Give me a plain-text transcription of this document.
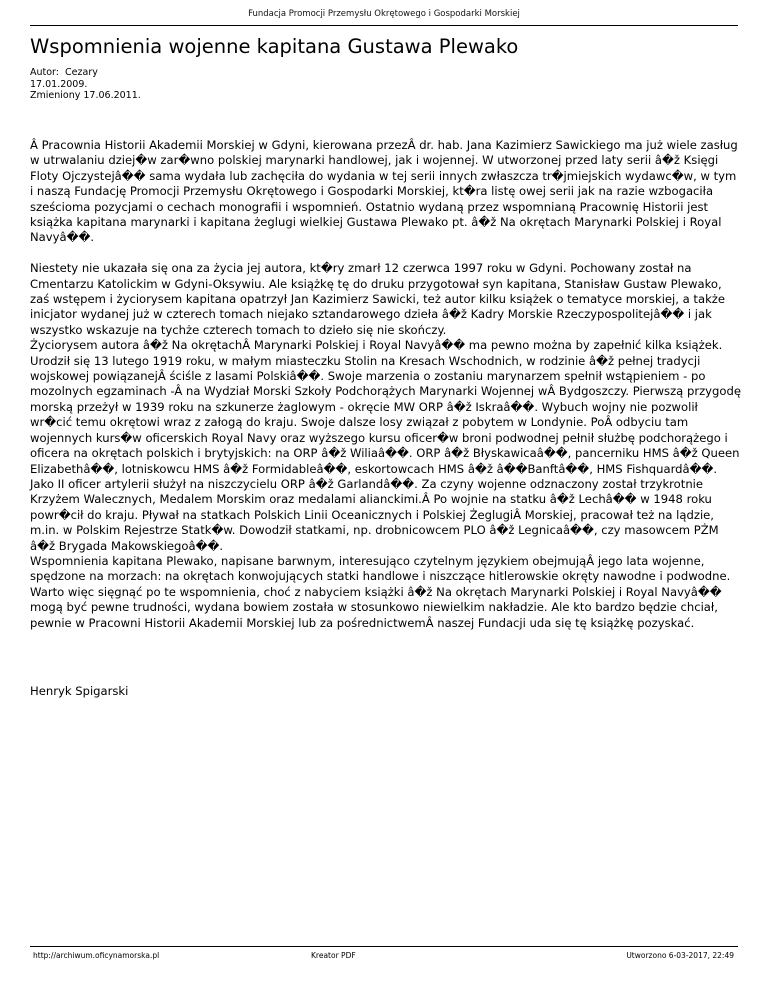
Fundacja Promocji Przemysłu Okrętowego i Gospodarki Morskiej
Wspomnienia wojenne kapitana Gustawa Plewako
Autor:  Cezary
17.01.2009.
Zmieniony 17.06.2011.

Â Pracownia Historii Akademii Morskiej w Gdyni, kierowana przezÂ dr. hab. Jana Kazimierz Sawickiego ma już wiele zasług w utrwalaniu dziej�w zar�wno polskiej marynarki handlowej, jak i wojennej. W utworzonej przed laty serii â�ž Księgi Floty Ojczystejâ�� sama wydała lub zachęciła do wydania w tej serii innych zwłaszcza tr�jmiejskich wydawc�w, w tym i naszą Fundację Promocji Przemysłu Okrętowego i Gospodarki Morskiej, kt�ra listę owej serii jak na razie wzbogaciła sześcioma pozycjami o cechach monografii i wspomnień. Ostatnio wydaną przez wspomnianą Pracownię Historii jest książka kapitana marynarki i kapitana żeglugi wielkiej Gustawa Plewako pt. â�ž Na okrętach Marynarki Polskiej i Royal Navyâ��.

Niestety nie ukazała się ona za życia jej autora, kt�ry zmarł 12 czerwca 1997 roku w Gdyni. Pochowany został na Cmentarzu Katolickim w Gdyni-Oksywiu. Ale książkę tę do druku przygotował syn kapitana, Stanisław Gustaw Plewako, zaś wstępem i życiorysem kapitana opatrzył Jan Kazimierz Sawicki, też autor kilku książek o tematyce morskiej, a także inicjator wydanej już w czterech tomach niejako sztandarowego dzieła â�ž Kadry Morskie Rzeczypospolitejâ�� i jak wszystko wskazuje na tychże czterech tomach to dzieło się nie skończy.

Życiorysem autora â�ž Na okrętachÂ Marynarki Polskiej i Royal Navyâ�� ma pewno można by zapełnić kilka książek. Urodził się 13 lutego 1919 roku, w małym miasteczku Stolin na Kresach Wschodnich, w rodzinie â�ž pełnej tradycji wojskowej powiązanejÂ ściśle z lasami Polskiâ��. Swoje marzenia o zostaniu marynarzem spełnił wstąpieniem - po mozolnych egzaminach -Â na Wydział Morski Szkoły Podchorążych Marynarki Wojennej wÂ Bydgoszczy. Pierwszą przygodę morską przeżył w 1939 roku na szkunerze żaglowym - okręcie MW ORP â�ž Iskraâ��. Wybuch wojny nie pozwolił wr�cić temu okrętowi wraz z załogą do kraju. Swoje dalsze losy związał z pobytem w Londynie. PoÂ odbyciu tam wojennych kurs�w oficerskich Royal Navy oraz wyższego kursu oficer�w broni podwodnej pełnił służbę podchorążego i oficera na okrętach polskich i brytyjskich: na ORP â�ž Wiliaâ��. ORP â�ž Błyskawicaâ��, pancerniku HMS â�ž Queen Elizabethâ��, lotniskowcu HMS â�ž Formidableâ��, eskortowcach HMS â�ž â��Banftâ��, HMS Fishquardâ��. Jako II oficer artylerii służył na niszczycielu ORP â�ž Garlandâ��. Za czyny wojenne odznaczony został trzykrotnie Krzyżem Walecznych, Medalem Morskim oraz medalami alianckimi.Â Po wojnie na statku â�ž Lechâ�� w 1948 roku powr�cił do kraju. Pływał na statkach Polskich Linii Oceanicznych i Polskiej ŻeglugiÂ Morskiej, pracował też na lądzie, m.in. w Polskim Rejestrze Statk�w. Dowodził statkami, np. drobnicowcem PLO â�ž Legnicaâ��, czy masowcem PŻM â�ž Brygada Makowskiegoâ��.

Wspomnienia kapitana Plewako, napisane barwnym, interesująco czytelnym językiem obejmująÂ jego lata wojenne, spędzone na morzach: na okrętach konwojujących statki handlowe i niszczące hitlerowskie okręty nawodne i podwodne. Warto więc sięgnąć po te wspomnienia, choć z nabyciem książki â�ž Na okrętach Marynarki Polskiej i Royal Navyâ�� mogą być pewne trudności, wydana bowiem została w stosunkowo niewielkim nakładzie. Ale kto bardzo będzie chciał, pewnie w Pracowni Historii Akademii Morskiej lub za pośrednictwemÂ naszej Fundacji uda się tę książkę pozyskać.

Henryk Spigarski
http://archiwum.oficynamorska.pl	Kreator PDF	Utworzono 6-03-2017, 22:49
